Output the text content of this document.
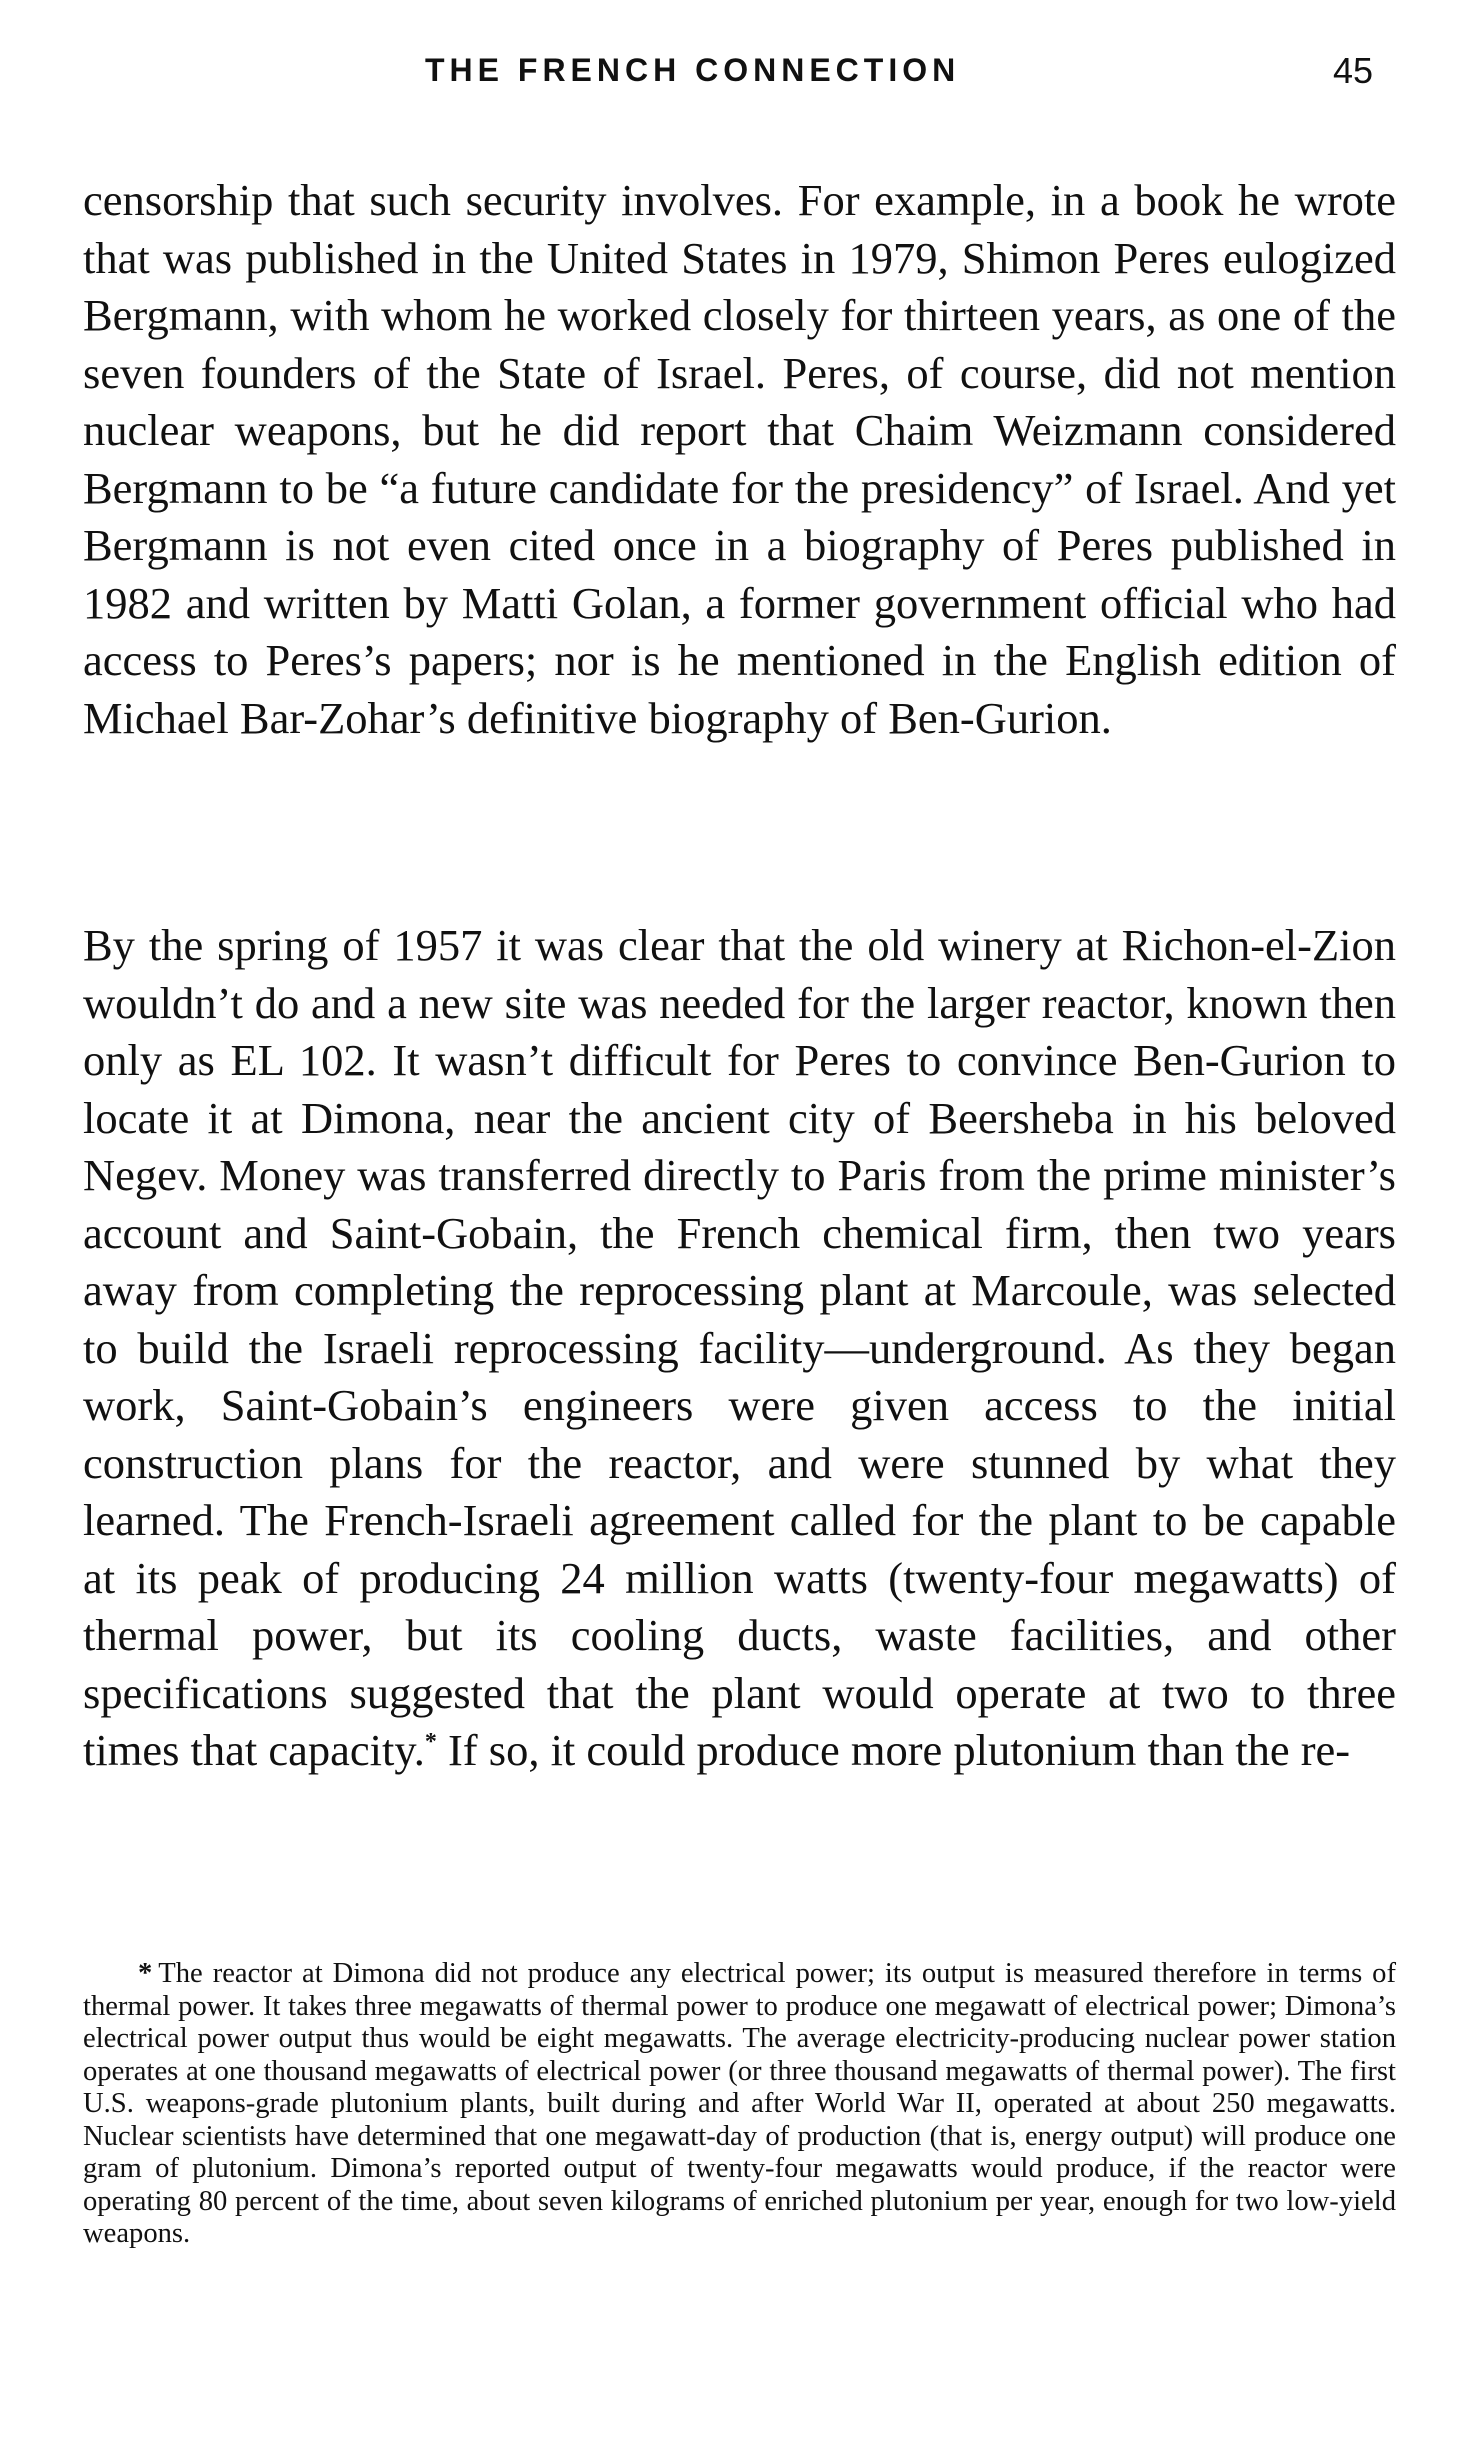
THE FRENCH CONNECTION	45

censorship that such security involves. For example, in a book he wrote that was published in the United States in 1979, Shimon Peres eulogized Bergmann, with whom he worked closely for thirteen years, as one of the seven founders of the State of Israel. Peres, of course, did not mention nuclear weapons, but he did report that Chaim Weizmann considered Bergmann to be “a future candidate for the presidency” of Israel. And yet Bergmann is not even cited once in a biography of Peres published in 1982 and written by Matti Golan, a former government official who had access to Peres’s papers; nor is he mentioned in the English edition of Michael Bar-Zohar’s definitive biography of Ben-Gurion.

By the spring of 1957 it was clear that the old winery at Richon-el-Zion wouldn’t do and a new site was needed for the larger reactor, known then only as EL 102. It wasn’t difficult for Peres to convince Ben-Gurion to locate it at Dimona, near the ancient city of Beersheba in his beloved Negev. Money was transferred directly to Paris from the prime minister’s account and Saint-Gobain, the French chemical firm, then two years away from completing the reprocessing plant at Marcoule, was selected to build the Israeli reprocessing facility—underground. As they began work, Saint-Gobain’s engineers were given access to the initial construction plans for the reactor, and were stunned by what they learned. The French-Israeli agreement called for the plant to be capable at its peak of producing 24 million watts (twenty-four megawatts) of thermal power, but its cooling ducts, waste facilities, and other specifications suggested that the plant would operate at two to three times that capacity.* If so, it could produce more plutonium than the re-

* The reactor at Dimona did not produce any electrical power; its output is measured therefore in terms of thermal power. It takes three megawatts of thermal power to produce one megawatt of electrical power; Dimona’s electrical power output thus would be eight megawatts. The average electricity-producing nuclear power station operates at one thousand megawatts of electrical power (or three thousand megawatts of thermal power). The first U.S. weapons-grade plutonium plants, built during and after World War II, operated at about 250 megawatts. Nuclear scientists have determined that one megawatt-day of production (that is, energy output) will produce one gram of plutonium. Dimona’s reported output of twenty-four megawatts would produce, if the reactor were operating 80 percent of the time, about seven kilograms of enriched plutonium per year, enough for two low-yield weapons.
